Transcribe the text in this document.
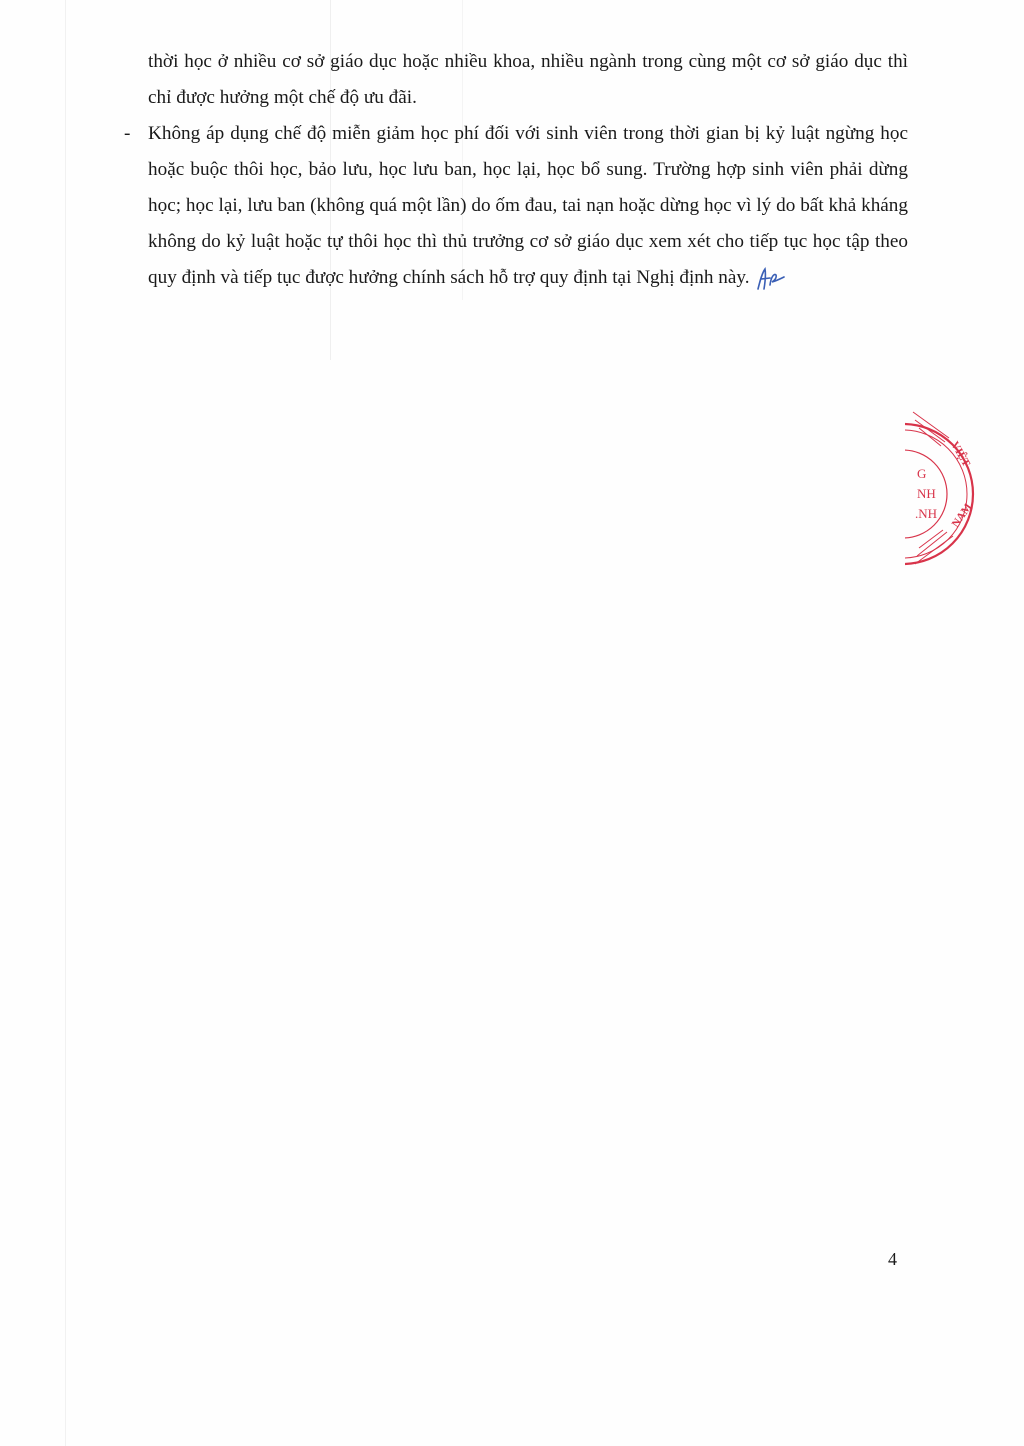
thời học ở nhiều cơ sở giáo dục hoặc nhiều khoa, nhiều ngành trong cùng một cơ sở giáo dục thì chỉ được hưởng một chế độ ưu đãi.

- Không áp dụng chế độ miễn giảm học phí đối với sinh viên trong thời gian bị kỷ luật ngừng học hoặc buộc thôi học, bảo lưu, học lưu ban, học lại, học bổ sung. Trường hợp sinh viên phải dừng học; học lại, lưu ban (không quá một lần) do ốm đau, tai nạn hoặc dừng học vì lý do bất khả kháng không do kỷ luật hoặc tự thôi học thì thủ trưởng cơ sở giáo dục xem xét cho tiếp tục học tập theo quy định và tiếp tục được hưởng chính sách hỗ trợ quy định tại Nghị định này.

G
NH
.NH
VIỆT
NAM
4
